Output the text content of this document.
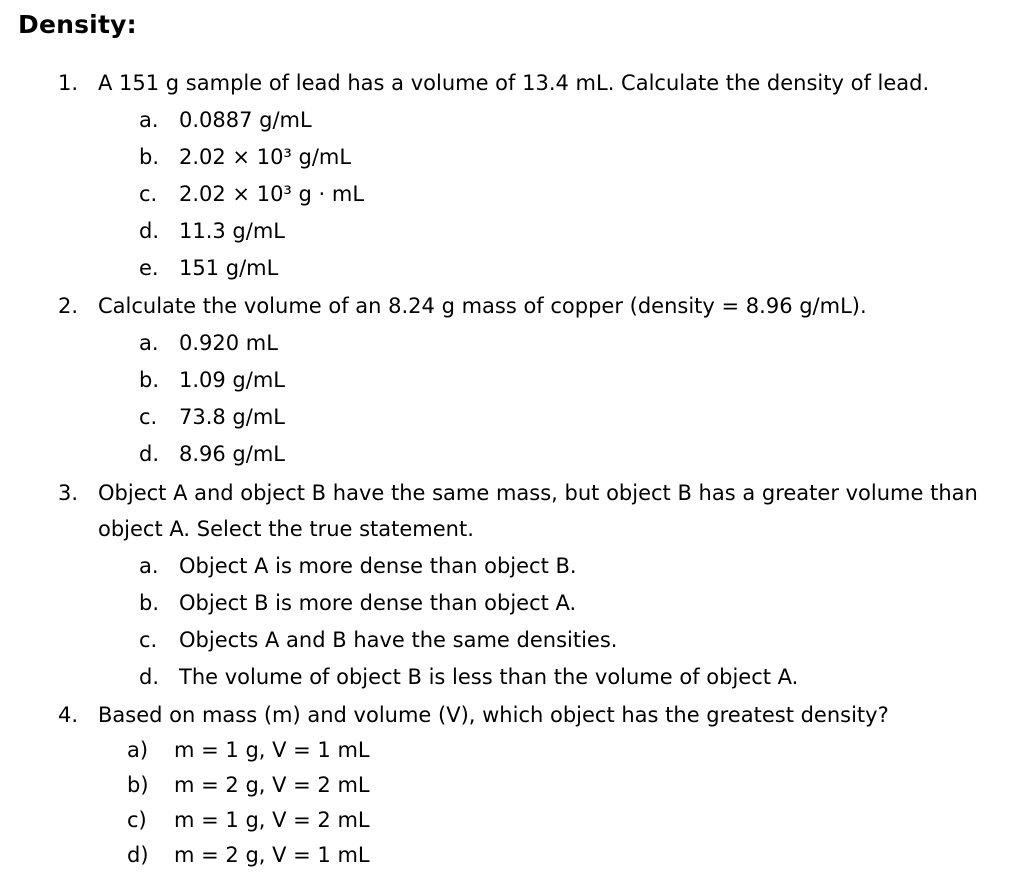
Density:
1. A 151 g sample of lead has a volume of 13.4 mL. Calculate the density of lead.
a. 0.0887 g/mL
b. 2.02 × 10³ g/mL
c. 2.02 × 10³ g · mL
d. 11.3 g/mL
e. 151 g/mL
2. Calculate the volume of an 8.24 g mass of copper (density = 8.96 g/mL).
a. 0.920 mL
b. 1.09 g/mL
c. 73.8 g/mL
d. 8.96 g/mL
3. Object A and object B have the same mass, but object B has a greater volume than object A. Select the true statement.
a. Object A is more dense than object B.
b. Object B is more dense than object A.
c. Objects A and B have the same densities.
d. The volume of object B is less than the volume of object A.
4. Based on mass (m) and volume (V), which object has the greatest density?
a) m = 1 g, V = 1 mL
b) m = 2 g, V = 2 mL
c) m = 1 g, V = 2 mL
d) m = 2 g, V = 1 mL
